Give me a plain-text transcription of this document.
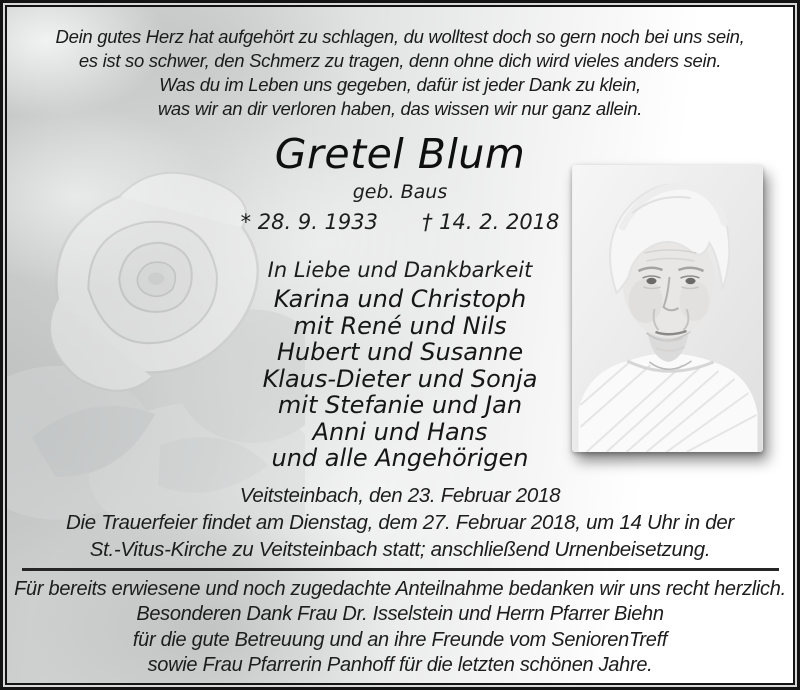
Dein gutes Herz hat aufgehört zu schlagen, du wolltest doch so gern noch bei uns sein,
es ist so schwer, den Schmerz zu tragen, denn ohne dich wird vieles anders sein.
Was du im Leben uns gegeben, dafür ist jeder Dank zu klein,
was wir an dir verloren haben, das wissen wir nur ganz allein.
Gretel Blum
geb. Baus
* 28. 9. 1933 † 14. 2. 2018
In Liebe und Dankbarkeit
Karina und Christoph
mit René und Nils
Hubert und Susanne
Klaus-Dieter und Sonja
mit Stefanie und Jan
Anni und Hans
und alle Angehörigen
Veitsteinbach, den 23. Februar 2018
Die Trauerfeier findet am Dienstag, dem 27. Februar 2018, um 14 Uhr in der
St.-Vitus-Kirche zu Veitsteinbach statt; anschließend Urnenbeisetzung.
Für bereits erwiesene und noch zugedachte Anteilnahme bedanken wir uns recht herzlich.
Besonderen Dank Frau Dr. Isselstein und Herrn Pfarrer Biehn
für die gute Betreuung und an ihre Freunde vom SeniorenTreff
sowie Frau Pfarrerin Panhoff für die letzten schönen Jahre.
